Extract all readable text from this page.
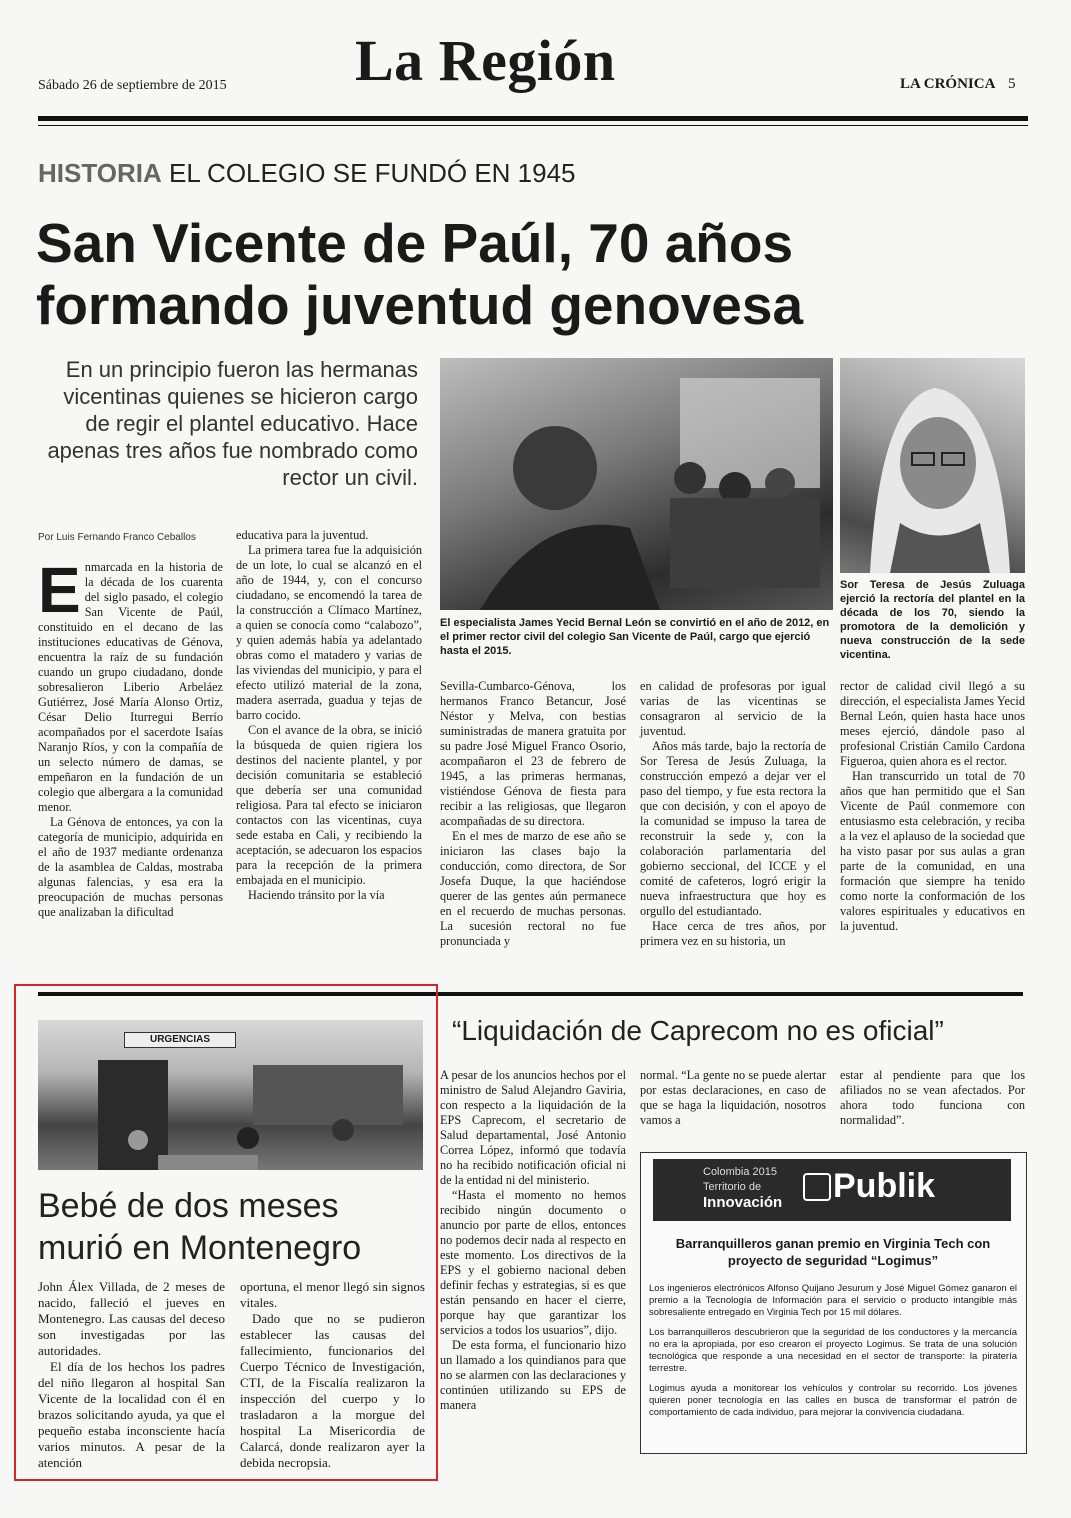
Sábado 26 de septiembre de 2015 La Región	LA CRÓNICA 5
HISTORIA EL COLEGIO SE FUNDÓ EN 1945
San Vicente de Paúl, 70 años
formando juventud genovesa
En un principio fueron las hermanas vicentinas quienes se hicieron cargo de regir el plantel educativo. Hace apenas tres años fue nombrado como rector un civil.
Por Luis Fernando Franco Ceballos
E nmarcada en la historia de la década de los cuarenta del siglo pasado, el colegio San Vicente de Paúl, constituido en el decano de las instituciones educativas de Génova, encuentra la raíz de su fundación cuando un grupo ciudadano, donde sobresalieron Liberio Arbeláez Gutiérrez, José María Alonso Ortiz, César Delio Iturregui Berrío acompañados por el sacerdote Isaías Naranjo Ríos, y con la compañía de un selecto número de damas, se empeñaron en la fundación de un colegio que albergara a la comunidad menor.

La Génova de entonces, ya con la categoría de municipio, adquirida en el año de 1937 mediante ordenanza de la asamblea de Caldas, mostraba algunas falencias, y esa era la preocupación de muchas personas que analizaban la dificultad

educativa para la juventud.

La primera tarea fue la adquisición de un lote, lo cual se alcanzó en el año de 1944, y, con el concurso ciudadano, se encomendó la tarea de la construcción a Clímaco Martínez, a quien se conocía como “calabozo”, y quien además había ya adelantado obras como el matadero y varias de las viviendas del municipio, y para el efecto utilizó material de la zona, madera aserrada, guadua y tejas de barro cocido.

Con el avance de la obra, se inició la búsqueda de quien rigiera los destinos del naciente plantel, y por decisión comunitaria se estableció que debería ser una comunidad religiosa. Para tal efecto se iniciaron contactos con las vicentinas, cuya sede estaba en Cali, y recibiendo la aceptación, se adecuaron los espacios para la recepción de la primera embajada en el municipio.

Haciendo tránsito por la vía

El especialista James Yecid Bernal León se convirtió en el año de 2012, en el primer rector civil del colegio San Vicente de Paúl, cargo que ejerció hasta el 2015.
Sor Teresa de Jesús Zuluaga ejerció la rectoría del plantel en la década de los 70, siendo la promotora de la demolición y nueva construcción de la sede vicentina.

Sevilla-Cumbarco-Génova, los hermanos Franco Betancur, José Néstor y Melva, con bestias suministradas de manera gratuita por su padre José Miguel Franco Osorio, acompañaron el 23 de febrero de 1945, a las primeras hermanas, vistiéndose Génova de fiesta para recibir a las religiosas, que llegaron acompañadas de su directora.

En el mes de marzo de ese año se iniciaron las clases bajo la conducción, como directora, de Sor Josefa Duque, la que haciéndose querer de las gentes aún permanece en el recuerdo de muchas personas. La sucesión rectoral no fue pronunciada y

en calidad de profesoras por igual varias de las vicentinas se consagraron al servicio de la juventud.

Años más tarde, bajo la rectoría de Sor Teresa de Jesús Zuluaga, la construcción empezó a dejar ver el paso del tiempo, y fue esta rectora la que con decisión, y con el apoyo de la comunidad se impuso la tarea de reconstruir la sede y, con la colaboración parlamentaria del gobierno seccional, del ICCE y el comité de cafeteros, logró erigir la nueva infraestructura que hoy es orgullo del estudiantado.

Hace cerca de tres años, por primera vez en su historia, un

rector de calidad civil llegó a su dirección, el especialista James Yecid Bernal León, quien hasta hace unos meses ejerció, dándole paso al profesional Cristián Camilo Cardona Figueroa, quien ahora es el rector.

Han transcurrido un total de 70 años que han permitido que el San Vicente de Paúl conmemore con entusiasmo esta celebración, y reciba a la vez el aplauso de la sociedad que ha visto pasar por sus aulas a gran parte de la comunidad, en una formación que siempre ha tenido como norte la conformación de los valores espirituales y educativos en la juventud.

URGENCIAS
Bebé de dos meses murió en Montenegro

John Álex Villada, de 2 meses de nacido, falleció el jueves en Montenegro. Las causas del deceso son investigadas por las autoridades.

El día de los hechos los padres del niño llegaron al hospital San Vicente de la localidad con él en brazos solicitando ayuda, ya que el pequeño estaba inconsciente hacía varios minutos. A pesar de la atención

oportuna, el menor llegó sin signos vitales.

Dado que no se pudieron establecer las causas del fallecimiento, funcionarios del Cuerpo Técnico de Investigación, CTI, de la Fiscalía realizaron la inspección del cuerpo y lo trasladaron a la morgue del hospital La Misericordia de Calarcá, donde realizaron ayer la debida necropsia.

“Liquidación de Caprecom no es oficial”

A pesar de los anuncios hechos por el ministro de Salud Alejandro Gaviria, con respecto a la liquidación de la EPS Caprecom, el secretario de Salud departamental, José Antonio Correa López, informó que todavía no ha recibido notificación oficial ni de la entidad ni del ministerio.

“Hasta el momento no hemos recibido ningún documento o anuncio por parte de ellos, entonces no podemos decir nada al respecto en este momento. Los directivos de la EPS y el gobierno nacional deben definir fechas y estrategias, si es que están pensando en hacer el cierre, porque hay que garantizar los servicios a todos los usuarios”, dijo.

De esta forma, el funcionario hizo un llamado a los quindianos para que no se alarmen con las declaraciones y continúen utilizando su EPS de manera

normal. “La gente no se puede alertar por estas declaraciones, en caso de que se haga la liquidación, nosotros vamos a

estar al pendiente para que los afiliados no se vean afectados. Por ahora todo funciona con normalidad”.

Colombia 2015
Territorio de
Innovación Publik
Barranquilleros ganan premio en Virginia Tech con proyecto de seguridad “Logimus”

Los ingenieros electrónicos Alfonso Quijano Jesurum y José Miguel Gómez ganaron el premio a la Tecnología de Información para el servicio o producto intangible más sobresaliente entregado en Virginia Tech por 15 mil dólares.

Los barranquilleros descubrieron que la seguridad de los conductores y la mercancía no era la apropiada, por eso crearon el proyecto Logimus. Se trata de una solución tecnológica que responde a una necesidad en el sector de transporte: la piratería terrestre.

Logimus ayuda a monitorear los vehículos y controlar su recorrido. Los jóvenes quieren poner tecnología en las calles en busca de transformar el patrón de comportamiento de cada individuo, para mejorar la convivencia ciudadana.
